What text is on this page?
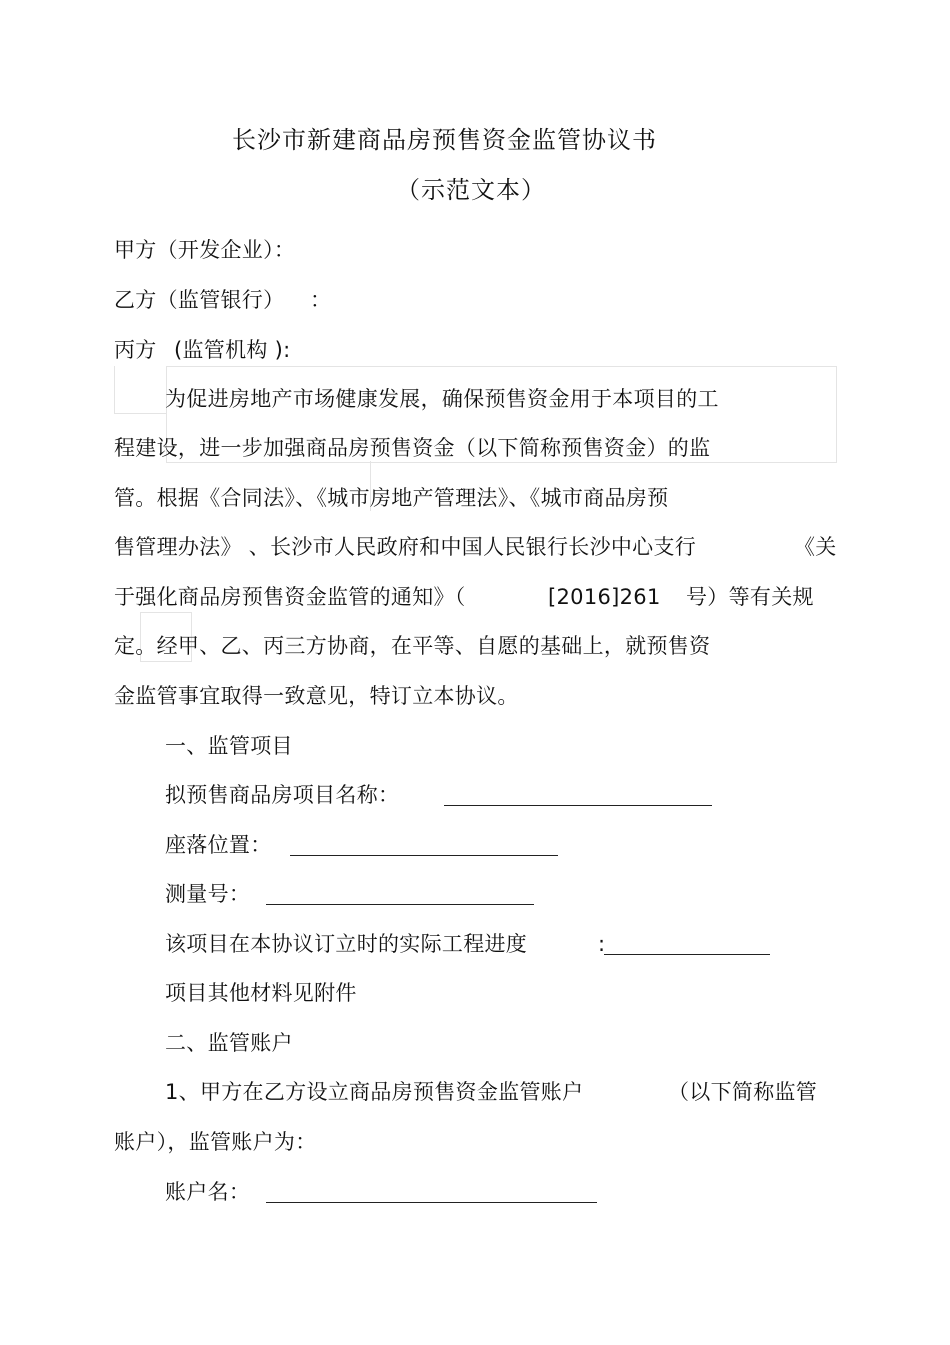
长沙市新建商品房预售资金监管协议书
（示范文本）
甲方（开发企业）：
乙方（监管银行） ：
丙方 (监管机构 ):
为促进房地产市场健康发展，确保预售资金用于本项目的工
程建设，进一步加强商品房预售资金（以下简称预售资金）的监
管。根据《合同法》、《城市房地产管理法》、《城市商品房预
售管理办法》 、长沙市人民政府和中国人民银行长沙中心支行	《关
于强化商品房预售资金监管的通知》（	[2016]261 号）等有关规
定。经甲、乙、丙三方协商，在平等、自愿的基础上，就预售资
金监管事宜取得一致意见，特订立本协议。
一、监管项目
拟预售商品房项目名称：
座落位置：
测量号：
该项目在本协议订立时的实际工程进度	:
项目其他材料见附件
二、监管账户
1、甲方在乙方设立商品房预售资金监管账户	（以下简称监管
账户），监管账户为：
账户名：
